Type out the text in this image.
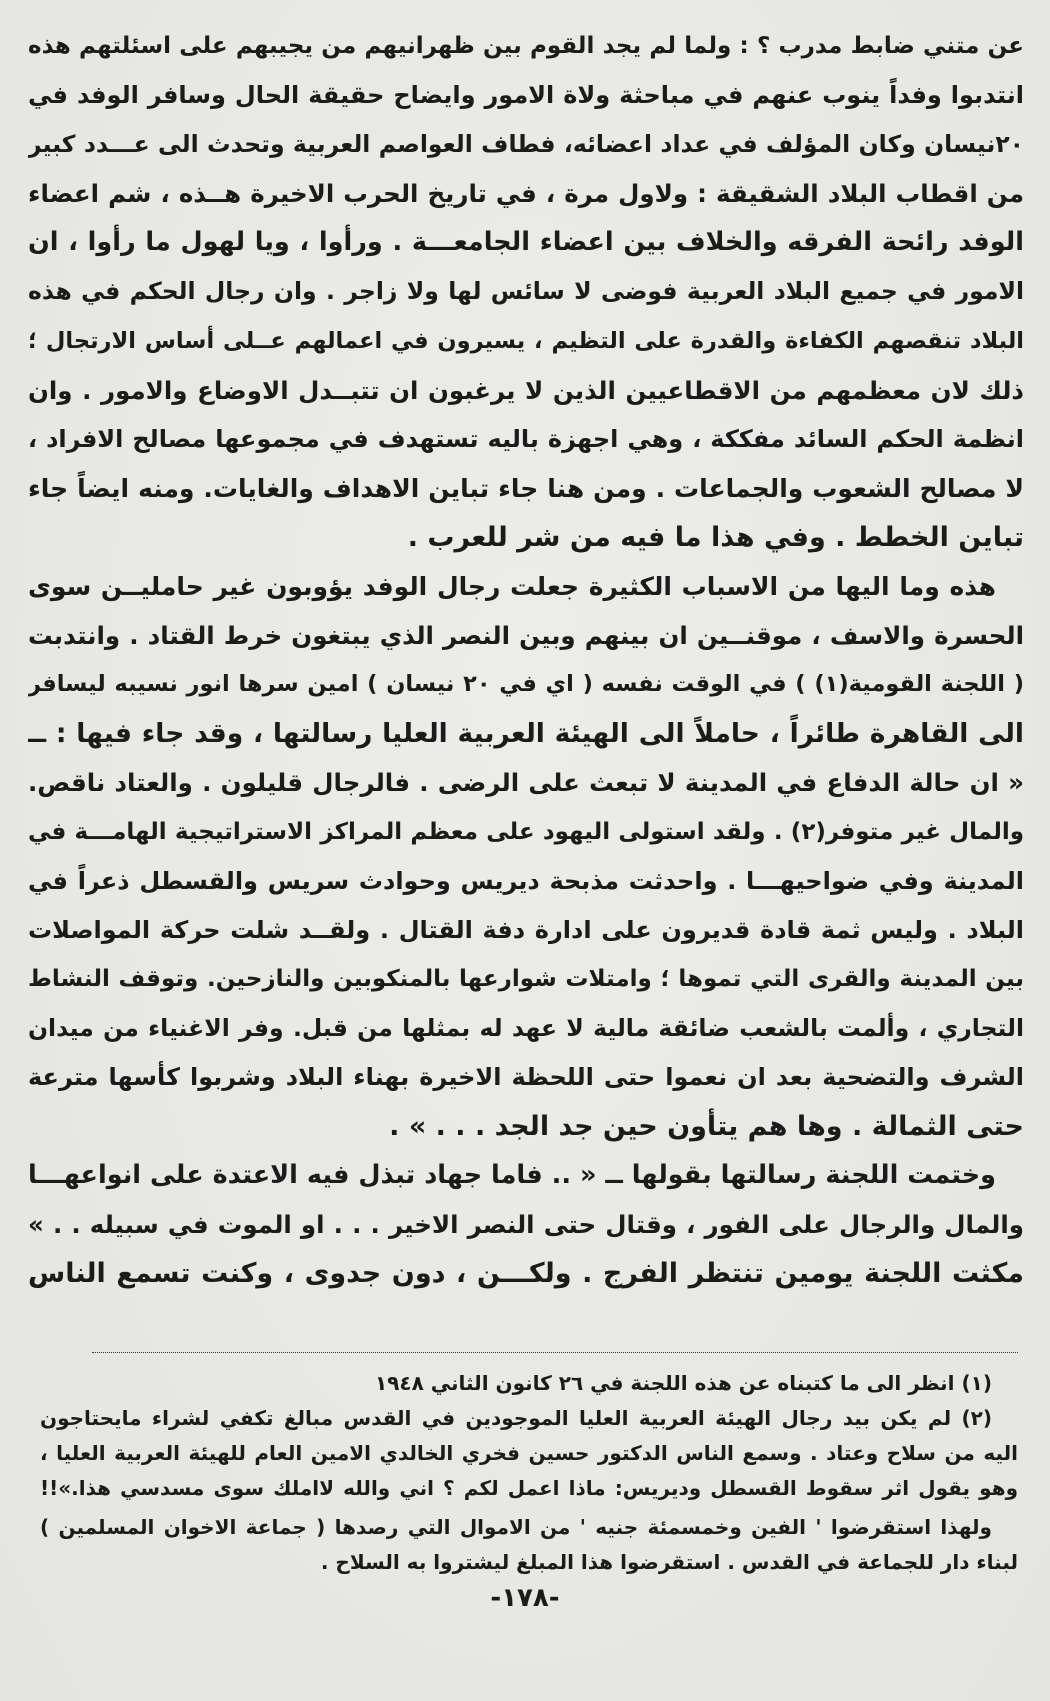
عن متني ضابط مدرب ؟ : ولما لم يجد القوم بين ظهرانيهم من يجيبهم على اسئلتهم هذه
انتدبوا وفداً ينوب عنهم في مباحثة ولاة الامور وايضاح حقيقة الحال وسافر الوفد في
٢٠نيسان وكان المؤلف في عداد اعضائه، فطاف العواصم العربية وتحدث الى عـــدد كبير
من اقطاب البلاد الشقيقة : ولاول مرة ، في تاريخ الحرب الاخيرة هــذه ، شم اعضاء
الوفد رائحة الفرقه والخلاف بين اعضاء الجامعـــة . ورأوا ، ويا لهول ما رأوا ، ان
الامور في جميع البلاد العربية فوضى لا سائس لها ولا زاجر . وان رجال الحكم في هذه
البلاد تنقصهم الكفاءة والقدرة على التظيم ، يسيرون في اعمالهم عــلى أساس الارتجال ؛
ذلك لان معظمهم من الاقطاعيين الذين لا يرغبون ان تتبــدل الاوضاع والامور . وان
انظمة الحكم السائد مفككة ، وهي اجهزة باليه تستهدف في مجموعها مصالح الافراد ،
لا مصالح الشعوب والجماعات . ومن هنا جاء تباين الاهداف والغايات. ومنه ايضاً جاء
تباين الخطط . وفي هذا ما فيه من شر للعرب .
هذه وما اليها من الاسباب الكثيرة جعلت رجال الوفد يؤوبون غير حامليــن سوى
الحسرة والاسف ، موقنــين ان بينهم وبين النصر الذي يبتغون خرط القتاد . وانتدبت
( اللجنة القومية(١) ) في الوقت نفسه ( اي في ٢٠ نيسان ) امين سرها انور نسيبه ليسافر
الى القاهرة طائراً ، حاملاً الى الهيئة العربية العليا رسالتها ، وقد جاء فيها : ــ
« ان حالة الدفاع في المدينة لا تبعث على الرضى . فالرجال قليلون . والعتاد ناقص.
والمال غير متوفر(٢) . ولقد استولى اليهود على معظم المراكز الاستراتيجية الهامـــة في
المدينة وفي ضواحيهـــا . واحدثت مذبحة ديريس وحوادث سريس والقسطل ذعراً في
البلاد . وليس ثمة قادة قديرون على ادارة دفة القتال . ولقــد شلت حركة المواصلات
بين المدينة والقرى التي تموها ؛ وامتلات شوارعها بالمنكوبين والنازحين. وتوقف النشاط
التجاري ، وألمت بالشعب ضائقة مالية لا عهد له بمثلها من قبل. وفر الاغنياء من ميدان
الشرف والتضحية بعد ان نعموا حتى اللحظة الاخيرة بهناء البلاد وشربوا كأسها مترعة
حتى الثمالة . وها هم يتأون حين جد الجد . . . » .
وختمت اللجنة رسالتها بقولها ــ « .. فاما جهاد تبذل فيه الاعتدة على انواعهـــا
والمال والرجال على الفور ، وقتال حتى النصر الاخير . . . او الموت في سبيله . . »
مكثت اللجنة يومين تنتظر الفرج . ولكـــن ، دون جدوى ، وكنت تسمع الناس
(١) انظر الى ما كتبناه عن هذه اللجنة في ٢٦ كانون الثاني ١٩٤٨
(٢) لم يكن بيد رجال الهيئة العربية العليا الموجودين في القدس مبالغ تكفي لشراء مايحتاجون
اليه من سلاح وعتاد . وسمع الناس الدكتور حسين فخري الخالدي الامين العام للهيئة العربية العليا ،
وهو يقول اثر سقوط القسطل وديريس: ماذا اعمل لكم ؟ اني والله لااملك سوى مسدسي هذا.»!!
ولهذا استقرضوا ' الفين وخمسمئة جنيه ' من الاموال التي رصدها ( جماعة الاخوان المسلمين )
لبناء دار للجماعة في القدس . استقرضوا هذا المبلغ ليشتروا به السلاح .
-١٧٨-
